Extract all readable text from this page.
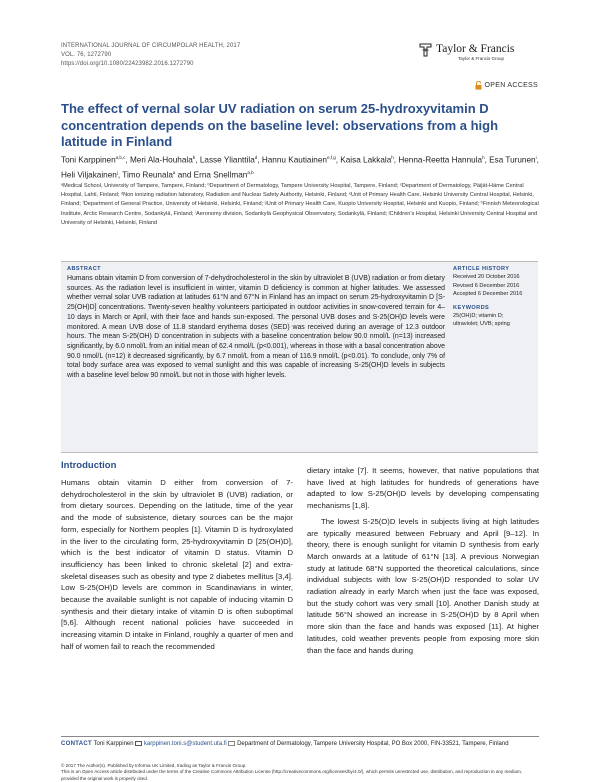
INTERNATIONAL JOURNAL OF CIRCUMPOLAR HEALTH, 2017
VOL. 76, 1272790
https://doi.org/10.1080/22423982.2016.1272790
Taylor & Francis
Taylor & Francis Group
OPEN ACCESS
The effect of vernal solar UV radiation on serum 25-hydroxyvitamin D concentration depends on the baseline level: observations from a high latitude in Finland
Toni Karppinen$^{a,b,c}$, Meri Ala-Houhala$^b$, Lasse Ylianttila$^d$, Hannu Kautiainen$^{e,f,g}$, Kaisa Lakkala$^h$, Henna-Reetta Hannula$^h$, Esa Turunen$^i$, Heli Viljakainen$^j$, Timo Reunala$^a$ and Erna Snellman$^{a,b}$
ᵃMedical School, University of Tampere, Tampere, Finland; ᵇDepartment of Dermatology, Tampere University Hospital, Tampere, Finland; ᶜDepartment of Dermatology, Päijät-Häme Central Hospital, Lahti, Finland; ᵈNon ionizing radiation laboratory, Radiation and Nuclear Safety Authority, Helsinki, Finland; ᵉUnit of Primary Health Care, Helsinki University Central Hospital, Helsinki, Finland; ᶠDepartment of General Practice, University of Helsinki, Helsinki, Finland; ᵍUnit of Primary Health Care, Kuopio University Hospital, Helsinki and Kuopio, Finland; ʰFinnish Meteorological Institute, Arctic Research Centre, Sodankylä, Finland; ⁱAeronomy division, Sodankylä Geophysical Observatory, Sodankylä, Finland; ʲChildren's Hospital, Helsinki University Central Hospital and University of Helsinki, Helsinki, Finland
ABSTRACT

Humans obtain vitamin D from conversion of 7-dehydrocholesterol in the skin by ultraviolet B (UVB) radiation or from dietary sources. As the radiation level is insufficient in winter, vitamin D deficiency is common at higher latitudes. We assessed whether vernal solar UVB radiation at latitudes 61°N and 67°N in Finland has an impact on serum 25-hydroxyvitamin D [S-25(OH)D] concentrations. Twenty-seven healthy volunteers participated in outdoor activities in snow-covered terrain for 4–10 days in March or April, with their face and hands sun-exposed. The personal UVB doses and S-25(OH)D levels were monitored. A mean UVB dose of 11.8 standard erythema doses (SED) was received during an average of 12.3 outdoor hours. The mean S-25(OH) D concentration in subjects with a baseline concentration below 90.0 nmol/L (n=13) increased significantly, by 6.0 nmol/L from an initial mean of 62.4 nmol/L (p<0.001), whereas in those with a basal concentration above 90.0 nmol/L (n=12) it decreased significantly, by 6.7 nmol/L from a mean of 116.9 nmol/L (p<0.01). To conclude, only 7% of total body surface area was exposed to vernal sunlight and this was capable of increasing S-25(OH)D levels in subjects with a baseline level below 90 nmol/L but not in those with higher levels.

ARTICLE HISTORY
Received 20 October 2016
Revised 6 December 2016
Accepted 6 December 2016
KEYWORDS
25(OH)D; vitamin D;
ultraviolet; UVB; spring
Introduction

Humans obtain vitamin D either from conversion of 7-dehydrocholesterol in the skin by ultraviolet B (UVB) radiation, or from dietary sources. Depending on the latitude, time of the year and the mode of subsistence, dietary sources can be the major form, especially for Northern peoples [1]. Vitamin D is hydroxylated in the liver to the circulating form, 25-hydroxyvitamin D [25(OH)D], which is the best indicator of vitamin D status. Vitamin D insufficiency has been linked to chronic skeletal [2] and extra-skeletal diseases such as obesity and type 2 diabetes mellitus [3,4]. Low S-25(OH)D levels are common in Scandinavians in winter, because the available sunlight is not capable of inducing vitamin D synthesis and their dietary intake of vitamin D is often suboptimal [5,6]. Although recent national policies have succeeded in increasing vitamin D intake in Finland, roughly a quarter of men and half of women fail to reach the recommended

dietary intake [7]. It seems, however, that native populations that have lived at high latitudes for hundreds of generations have adapted to low S-25(OH)D levels by developing compensating mechanisms [1,8].

The lowest S-25(O)D levels in subjects living at high latitudes are typically measured between February and April [9–12]. In theory, there is enough sunlight for vitamin D synthesis from early March onwards at a latitude of 61°N [13]. A previous Norwegian study at latitude 68°N supported the theoretical calculations, since individual subjects with low S-25(OH)D responded to solar UV radiation already in early March when just the face was exposed, but the study cohort was very small [10]. Another Danish study at latitude 56°N showed an increase in S-25(OH)D by 8 April when more skin than the face and hands was exposed [11]. At higher latitudes, cold weather prevents people from exposing more skin than the face and hands during

CONTACT Toni Karppinen karppinen.toni.s@student.uta.fi Department of Dermatology, Tampere University Hospital, PO Box 2000, FIN-33521, Tampere, Finland
© 2017 The Author(s). Published by Informa UK Limited, trading as Taylor & Francis Group.
This is an Open Access article distributed under the terms of the Creative Commons Attribution License (http://creativecommons.org/licenses/by/4.0/), which permits unrestricted use, distribution, and reproduction in any medium, provided the original work is properly cited.
